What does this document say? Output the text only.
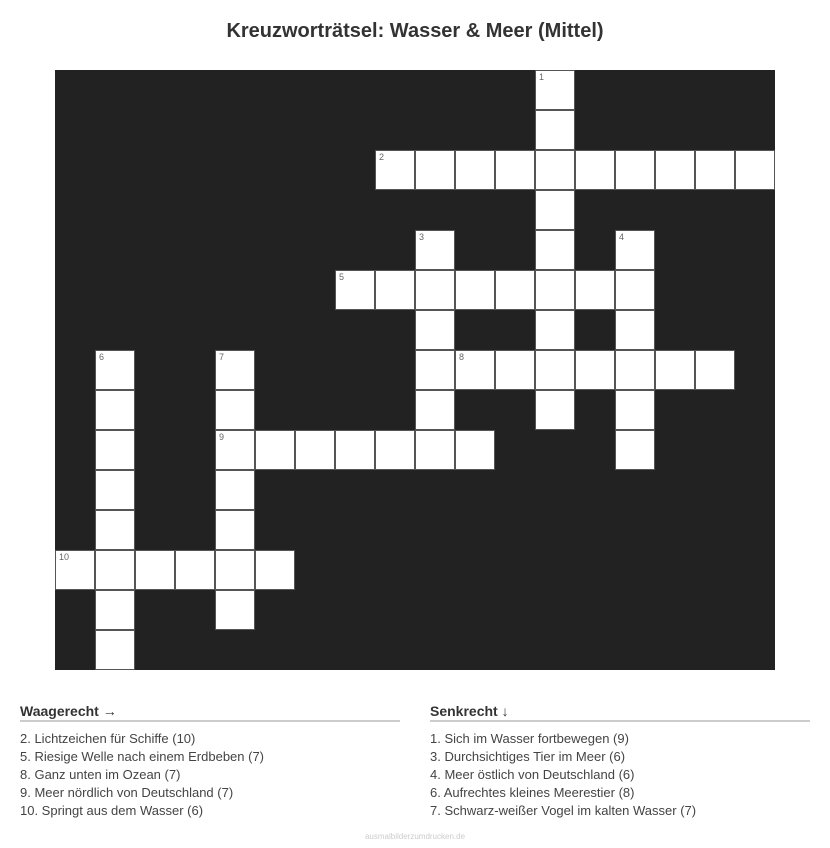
Kreuzworträtsel: Wasser & Meer (Mittel)
1
2
3	4
5
6	7
9
8
10
Waagerecht →
2. Lichtzeichen für Schiffe (10)
5. Riesige Welle nach einem Erdbeben (7)
8. Ganz unten im Ozean (7)
9. Meer nördlich von Deutschland (7)
10. Springt aus dem Wasser (6)
Senkrecht ↓
1. Sich im Wasser fortbewegen (9)
3. Durchsichtiges Tier im Meer (6)
4. Meer östlich von Deutschland (6)
6. Aufrechtes kleines Meerestier (8)
7. Schwarz-weißer Vogel im kalten Wasser (7)
ausmalbilderzumdrucken.de
